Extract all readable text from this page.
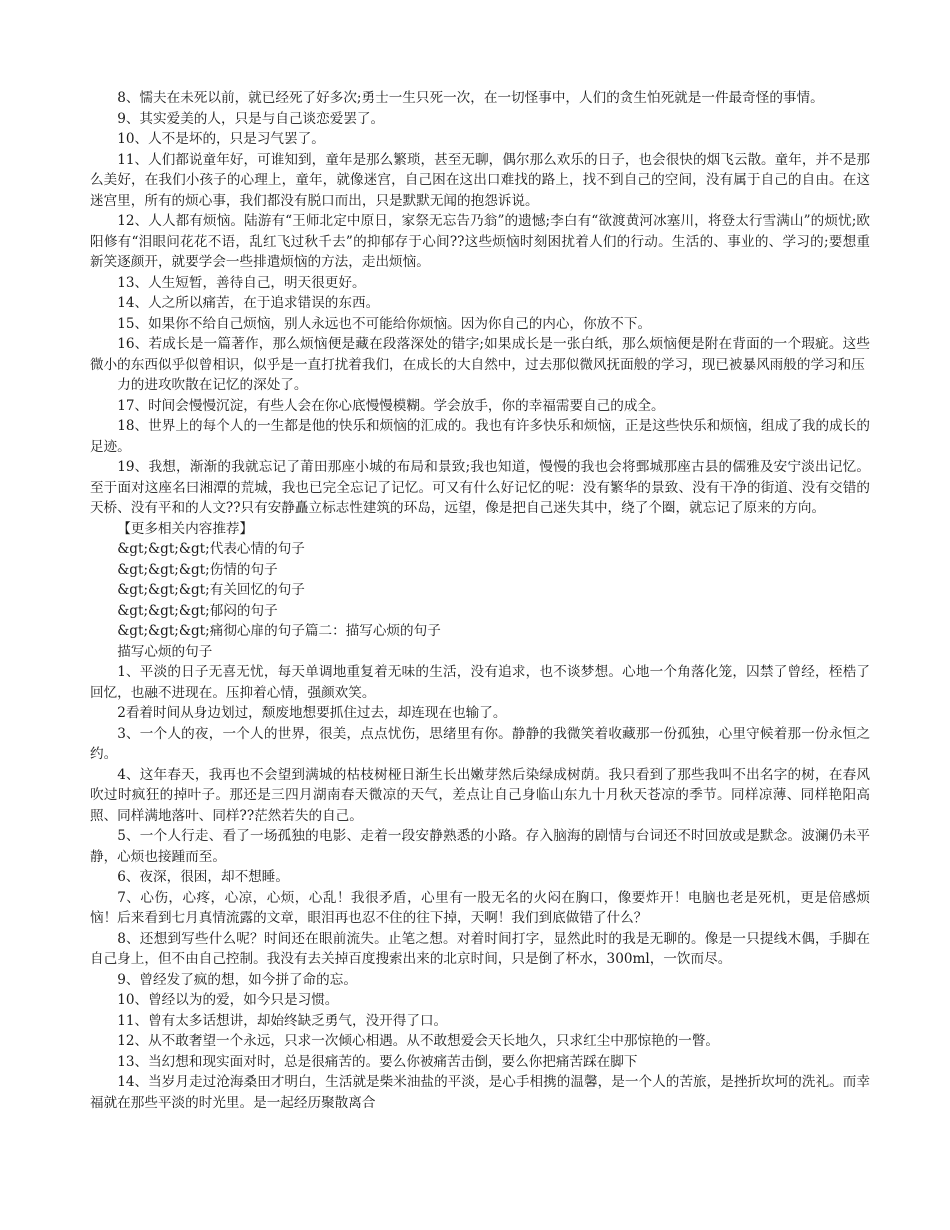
8、懦夫在未死以前，就已经死了好多次;勇士一生只死一次，在一切怪事中，人们的贪生怕死就是一件最奇怪的事情。

9、其实爱美的人，只是与自己谈恋爱罢了。

10、人不是坏的，只是习气罢了。

11、人们都说童年好，可谁知到，童年是那么繁琐，甚至无聊，偶尔那么欢乐的日子，也会很快的烟飞云散。童年，并不是那么美好，在我们小孩子的心理上，童年，就像迷宫，自己困在这出口难找的路上，找不到自己的空间，没有属于自己的自由。在这迷宫里，所有的烦心事，我们都没有脱口而出，只是默默无闻的抱怨诉说。

12、人人都有烦恼。陆游有“王师北定中原日，家祭无忘告乃翁”的遗憾;李白有“欲渡黄河冰塞川，将登太行雪满山”的烦忧;欧阳修有“泪眼问花花不语，乱红飞过秋千去”的抑郁存于心间??这些烦恼时刻困扰着人们的行动。生活的、事业的、学习的;要想重新笑逐颜开，就要学会一些排遣烦恼的方法，走出烦恼。

13、人生短暂，善待自己，明天很更好。

14、人之所以痛苦，在于追求错误的东西。

15、如果你不给自己烦恼，别人永远也不可能给你烦恼。因为你自己的内心，你放不下。

16、若成长是一篇著作，那么烦恼便是藏在段落深处的错字;如果成长是一张白纸，那么烦恼便是附在背面的一个瑕疵。这些微小的东西似乎似曾相识，似乎是一直打扰着我们，在成长的大自然中，过去那似微风抚面般的学习，现已被暴风雨般的学习和压

力的进攻吹散在记忆的深处了。

17、时间会慢慢沉淀，有些人会在你心底慢慢模糊。学会放手，你的幸福需要自己的成全。

18、世界上的每个人的一生都是他的快乐和烦恼的汇成的。我也有许多快乐和烦恼，正是这些快乐和烦恼，组成了我的成长的足迹。

19、我想，渐渐的我就忘记了莆田那座小城的布局和景致;我也知道，慢慢的我也会将鄄城那座古县的儒雅及安宁淡出记忆。至于面对这座名曰湘潭的荒城，我也已完全忘记了记忆。可又有什么好记忆的呢：没有繁华的景致、没有干净的街道、没有交错的天桥、没有平和的人文??只有安静矗立标志性建筑的环岛，远望，像是把自己迷失其中，绕了个圈，就忘记了原来的方向。

【更多相关内容推荐】

&gt;&gt;&gt;代表心情的句子

&gt;&gt;&gt;伤情的句子

&gt;&gt;&gt;有关回忆的句子

&gt;&gt;&gt;郁闷的句子

&gt;&gt;&gt;痛彻心扉的句子篇二：描写心烦的句子

描写心烦的句子

1、平淡的日子无喜无忧，每天单调地重复着无味的生活，没有追求，也不谈梦想。心地一个角落化笼，囚禁了曾经，桎梏了回忆，也融不进现在。压抑着心情，强颜欢笑。

2看着时间从身边划过，颓废地想要抓住过去，却连现在也输了。

3、一个人的夜，一个人的世界，很美，点点忧伤，思绪里有你。静静的我微笑着收藏那一份孤独，心里守候着那一份永恒之约。

4、这年春天，我再也不会望到满城的枯枝树桠日渐生长出嫩芽然后染绿成树荫。我只看到了那些我叫不出名字的树，在春风吹过时疯狂的掉叶子。那还是三四月湖南春天微凉的天气，差点让自己身临山东九十月秋天苍凉的季节。同样凉薄、同样艳阳高照、同样满地落叶、同样??茫然若失的自己。

5、一个人行走、看了一场孤独的电影、走着一段安静熟悉的小路。存入脑海的剧情与台词还不时回放或是默念。波澜仍未平静，心烦也接踵而至。

6、夜深，很困，却不想睡。

7、心伤，心疼，心凉，心烦，心乱！我很矛盾，心里有一股无名的火闷在胸口，像要炸开！电脑也老是死机，更是倍感烦恼！后来看到七月真情流露的文章，眼泪再也忍不住的往下掉，天啊！我们到底做错了什么？

8、还想到写些什么呢？时间还在眼前流失。止笔之想。对着时间打字，显然此时的我是无聊的。像是一只提线木偶，手脚在自己身上，但不由自己控制。我没有去关掉百度搜索出来的北京时间，只是倒了杯水，300ml，一饮而尽。

9、曾经发了疯的想，如今拼了命的忘。

10、曾经以为的爱，如今只是习惯。

11、曾有太多话想讲，却始终缺乏勇气，没开得了口。

12、从不敢奢望一个永远，只求一次倾心相遇。从不敢想爱会天长地久，只求红尘中那惊艳的一瞥。

13、当幻想和现实面对时，总是很痛苦的。要么你被痛苦击倒，要么你把痛苦踩在脚下

14、当岁月走过沧海桑田才明白，生活就是柴米油盐的平淡，是心手相携的温馨，是一个人的苦旅，是挫折坎坷的洗礼。而幸福就在那些平淡的时光里。是一起经历聚散离合
